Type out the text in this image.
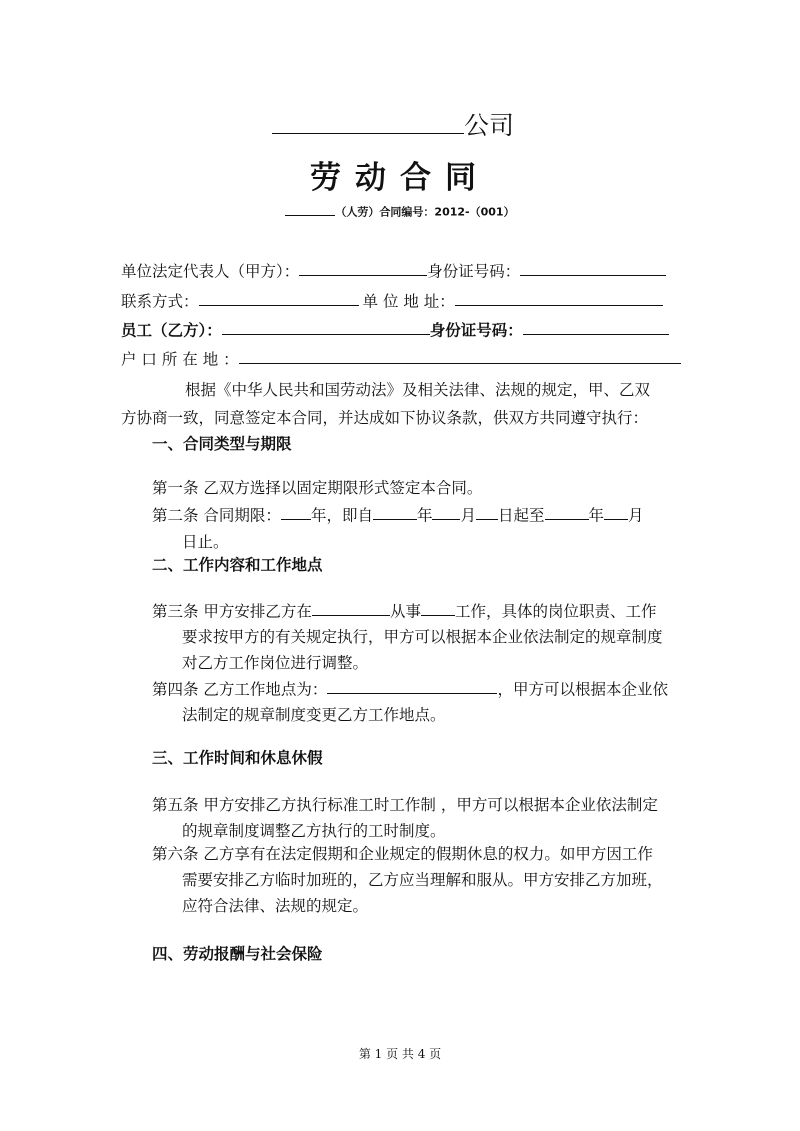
公司
劳动合同
（人劳）合同编号：2012-（001）
单位法定代表人（甲方）：	身份证号码：
联系方式：	单 位 地 址：
员工（乙方）：	身份证号码：
户 口 所 在 地 ：
根据《中华人民共和国劳动法》及相关法律、法规的规定，甲、乙双
方协商一致，同意签定本合同，并达成如下协议条款，供双方共同遵守执行：
一、合同类型与期限
第一条 乙双方选择以固定期限形式签定本合同。
第二条 合同期限： 年，即自	年 月 日起至	年 月
日止。
二、工作内容和工作地点
第三条 甲方安排乙方在	从事 工作，具体的岗位职责、工作
要求按甲方的有关规定执行，甲方可以根据本企业依法制定的规章制度
对乙方工作岗位进行调整。
第四条 乙方工作地点为：	，甲方可以根据本企业依
法制定的规章制度变更乙方工作地点。
三、工作时间和休息休假
第五条 甲方安排乙方执行标准工时工作制 ，甲方可以根据本企业依法制定
的规章制度调整乙方执行的工时制度。
第六条 乙方享有在法定假期和企业规定的假期休息的权力。如甲方因工作
需要安排乙方临时加班的，乙方应当理解和服从。甲方安排乙方加班，
应符合法律、法规的规定。
四、劳动报酬与社会保险
第 1 页 共 4 页
